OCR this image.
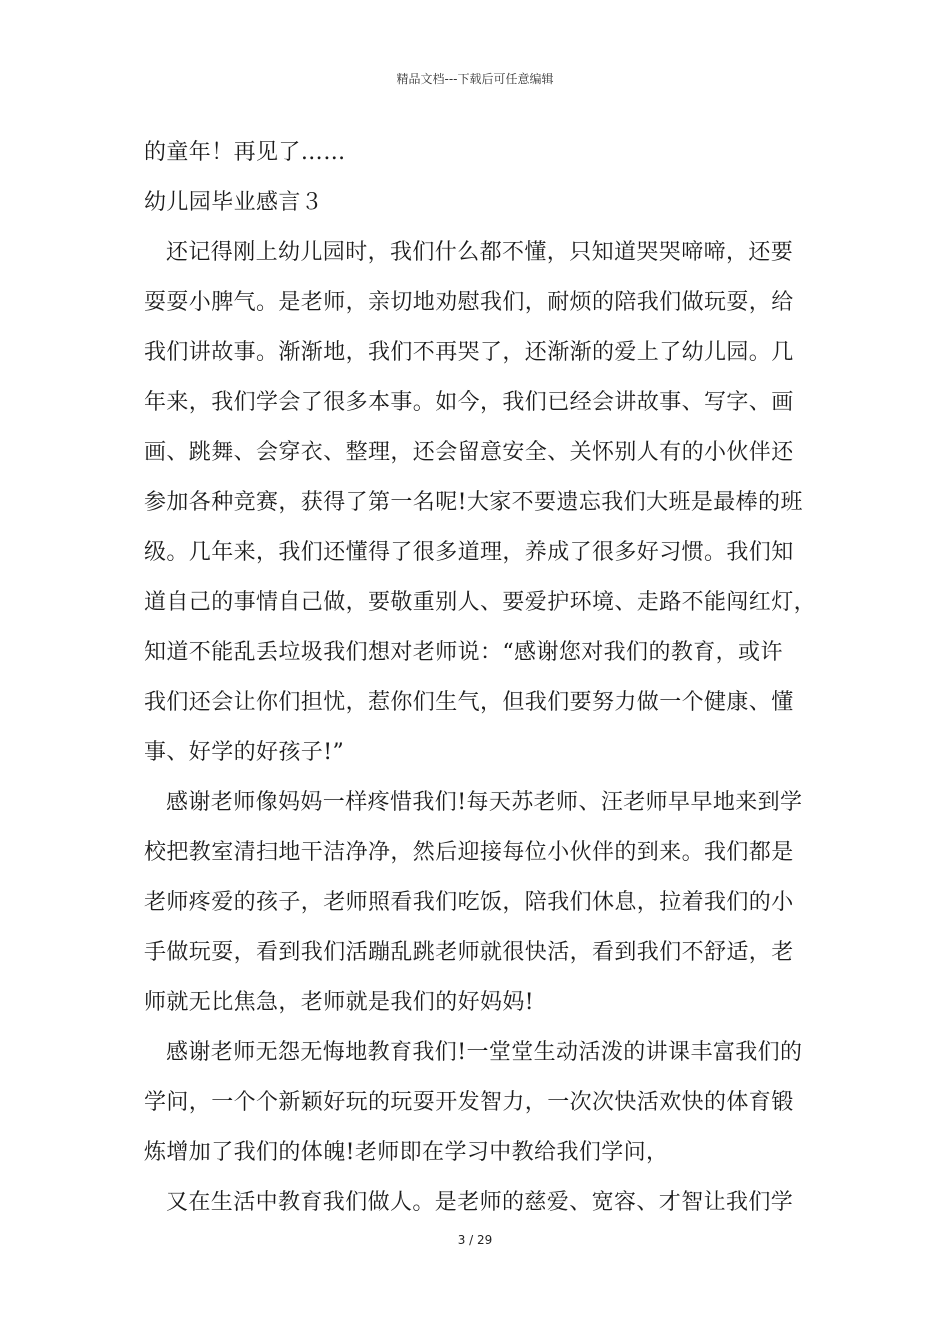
精品文档---下载后可任意编辑
的童年！再见了……
幼儿园毕业感言３
还记得刚上幼儿园时，我们什么都不懂，只知道哭哭啼啼，还要
耍耍小脾气。是老师，亲切地劝慰我们，耐烦的陪我们做玩耍，给
我们讲故事。渐渐地，我们不再哭了，还渐渐的爱上了幼儿园。几
年来，我们学会了很多本事。如今，我们已经会讲故事、写字、画
画、跳舞、会穿衣、整理，还会留意安全、关怀别人有的小伙伴还
参加各种竞赛，获得了第一名呢!大家不要遗忘我们大班是最棒的班
级。几年来，我们还懂得了很多道理，养成了很多好习惯。我们知
道自己的事情自己做，要敬重别人、要爱护环境、走路不能闯红灯，
知道不能乱丢垃圾我们想对老师说：“感谢您对我们的教育，或许
我们还会让你们担忧，惹你们生气，但我们要努力做一个健康、懂
事、好学的好孩子!”
感谢老师像妈妈一样疼惜我们!每天苏老师、汪老师早早地来到学
校把教室清扫地干洁净净，然后迎接每位小伙伴的到来。我们都是
老师疼爱的孩子，老师照看我们吃饭，陪我们休息，拉着我们的小
手做玩耍，看到我们活蹦乱跳老师就很快活，看到我们不舒适，老
师就无比焦急，老师就是我们的好妈妈!
感谢老师无怨无悔地教育我们!一堂堂生动活泼的讲课丰富我们的
学问，一个个新颖好玩的玩耍开发智力，一次次快活欢快的体育锻
炼增加了我们的体魄!老师即在学习中教给我们学问，
又在生活中教育我们做人。是老师的慈爱、宽容、才智让我们学
3 / 29
